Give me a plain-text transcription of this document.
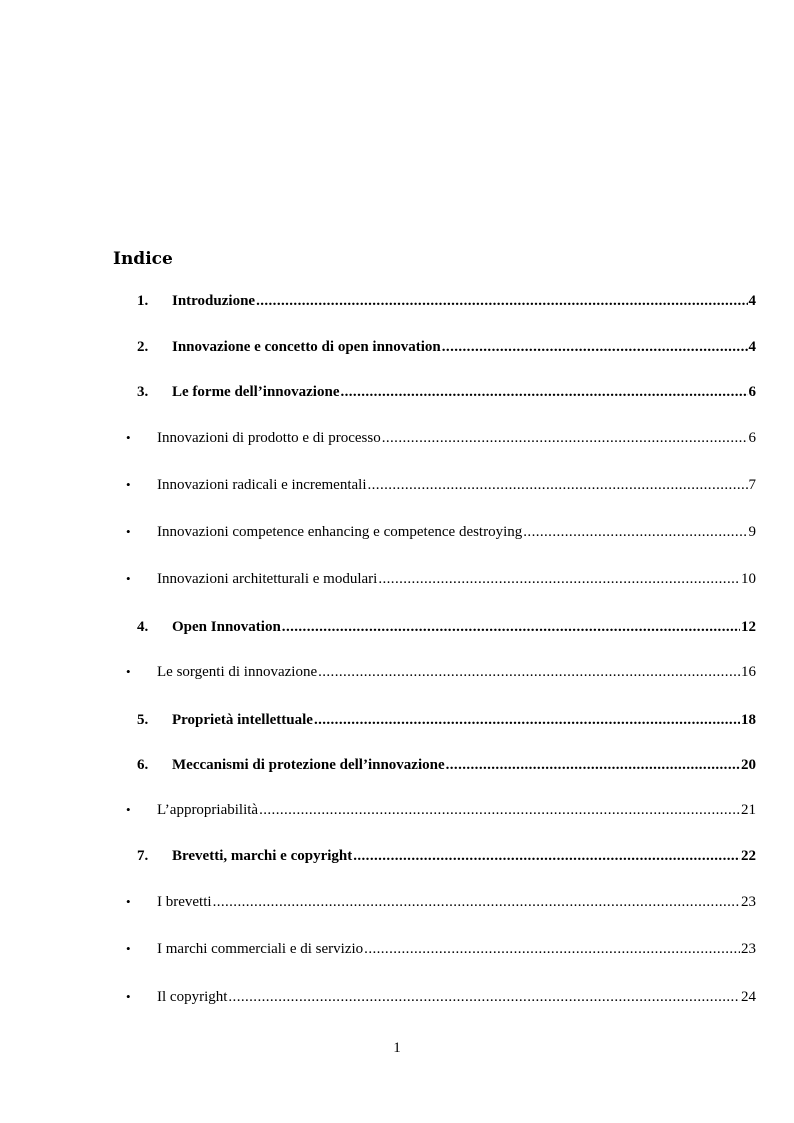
Indice
1.	Introduzione .....	4
2.	Innovazione e concetto di open innovation .....	4
3.	Le forme dell’innovazione .....	6
•	Innovazioni di prodotto e di processo .....	6
•	Innovazioni radicali e incrementali .....	7
•	Innovazioni competence enhancing e competence destroying .....	9
•	Innovazioni architetturali e modulari .....	10
4.	Open Innovation .....	12
•	Le sorgenti di innovazione .....	16
5.	Proprietà intellettuale .....	18
6.	Meccanismi di protezione dell’innovazione .....	20
•	L’appropriabilità .....	21
7.	Brevetti, marchi e copyright .....	22
•	I brevetti .....	23
•	I marchi commerciali e di servizio .....	23
•	Il copyright .....	24
1
